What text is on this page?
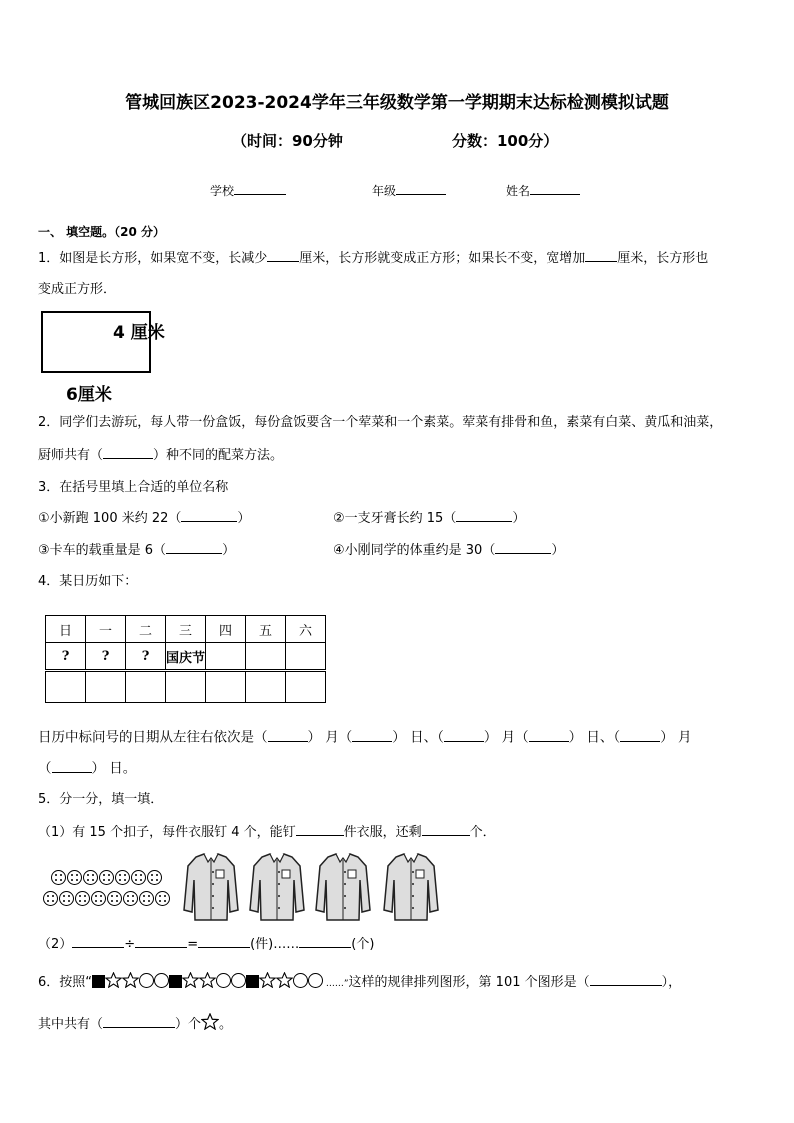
管城回族区2023-2024学年三年级数学第一学期期末达标检测模拟试题
（时间：90分钟	分数：100分）
学校	年级	姓名
一、 填空题。（20 分）
1．如图是长方形，如果宽不变，长减少 厘米，长方形就变成正方形；如果长不变，宽增加 厘米，长方形也
变成正方形．
4 厘米
6厘米
2．同学们去游玩，每人带一份盒饭，每份盒饭要含一个荤菜和一个素菜。荤菜有排骨和鱼，素菜有白菜、黄瓜和油菜，
厨师共有（	）种不同的配菜方法。
3．在括号里填上合适的单位名称
①小新跑 100 米约 22（	）	②一支牙膏长约 15（	）
③卡车的载重量是 6（	）	④小刚同学的体重约是 30（	）
4．某日历如下：
日	一	二	三	四	五	六
?	?	?	国庆节			

日历中标问号的日期从左往右依次是（	） 月（	） 日、（	） 月（	） 日、（	） 月
（	） 日。
5．分一分，填一填．
（1）有 15 个扣子，每件衣服钉 4 个，能钉	件衣服，还剩	个．
（2）	÷	=	(件)……	(个)
6．按照“	……”这样的规律排列图形，第 101 个图形是（	），
其中共有（	）个 。
